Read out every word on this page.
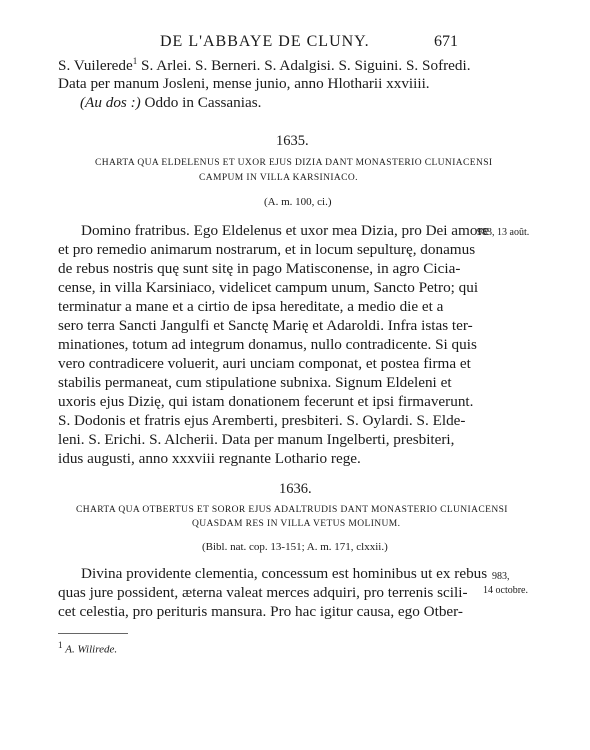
DE L'ABBAYE DE CLUNY.	671
S. Vuilerede$^1$ S. Arlei. S. Berneri. S. Adalgisi. S. Siguini. S. Sofredi.
Data per manum Josleni, mense junio, anno Hlotharii xxviiii.
(Au dos :) Oddo in Cassanias.
1635.
CHARTA QUA ELDELENUS ET UXOR EJUS DIZIA DANT MONASTERIO CLUNIACENSI
CAMPUM IN VILLA KARSINIACO.
(A. m. 100, ci.)
983, 13 août.
Domino fratribus. Ego Eldelenus et uxor mea Dizia, pro Dei amore
et pro remedio animarum nostrarum, et in locum sepulturę, donamus
de rebus nostris quę sunt sitę in pago Matisconense, in agro Cicia-
cense, in villa Karsiniaco, videlicet campum unum, Sancto Petro; qui
terminatur a mane et a cirtio de ipsa hereditate, a medio die et a
sero terra Sancti Jangulfi et Sanctę Marię et Adaroldi. Infra istas ter-
minationes, totum ad integrum donamus, nullo contradicente. Si quis
vero contradicere voluerit, auri unciam componat, et postea firma et
stabilis permaneat, cum stipulatione subnixa. Signum Eldeleni et
uxoris ejus Dizię, qui istam donationem fecerunt et ipsi firmaverunt.
S. Dodonis et fratris ejus Aremberti, presbiteri. S. Oylardi. S. Elde-
leni. S. Erichi. S. Alcherii. Data per manum Ingelberti, presbiteri,
idus augusti, anno xxxviii regnante Lothario rege.
1636.
CHARTA QUA OTBERTUS ET SOROR EJUS ADALTRUDIS DANT MONASTERIO CLUNIACENSI
QUASDAM RES IN VILLA VETUS MOLINUM.
(Bibl. nat. cop. 13-151; A. m. 171, clxxii.)
983,
14 octobre.
Divina providente clementia, concessum est hominibus ut ex rebus
quas jure possident, æterna valeat merces adquiri, pro terrenis scili-
cet celestia, pro perituris mansura. Pro hac igitur causa, ego Otber-
$^1$ A. Wilirede.
